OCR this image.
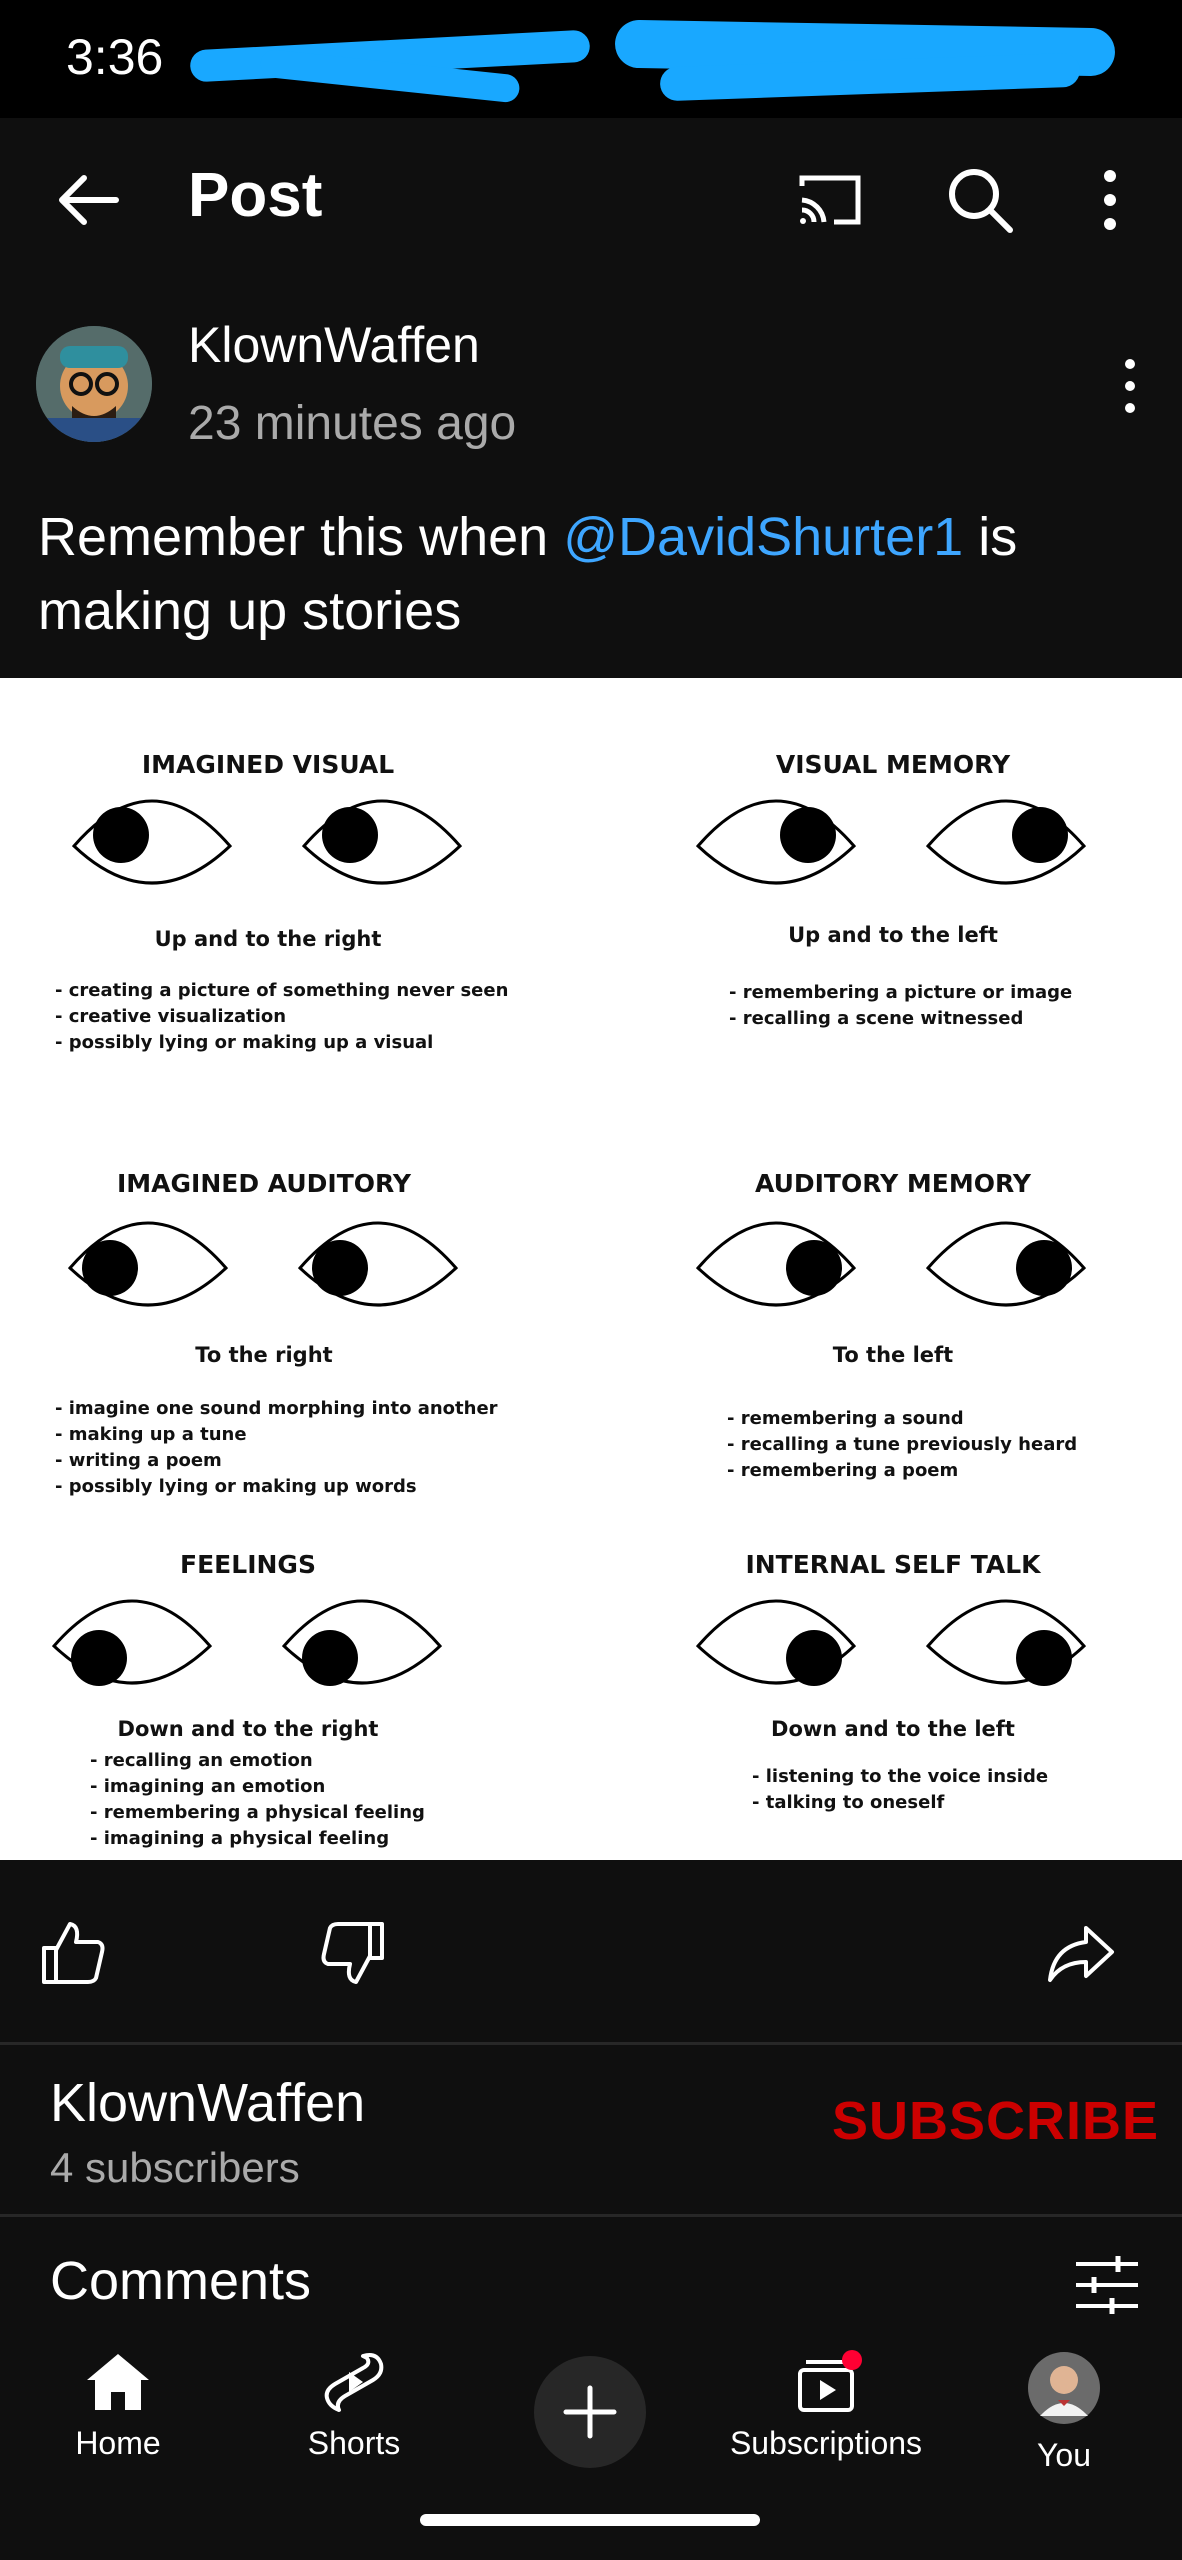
3:36
Post
KlownWaffen
23 minutes ago
Remember this when @DavidShurter1 is making up stories
IMAGINED VISUAL
Up and to the right
- creating a picture of something never seen
- creative visualization
- possibly lying or making up a visual
VISUAL MEMORY
Up and to the left
- remembering a picture or image
- recalling a scene witnessed
IMAGINED AUDITORY
To the right
- imagine one sound morphing into another
- making up a tune
- writing a poem
- possibly lying or making up words
AUDITORY MEMORY
To the left
- remembering a sound
- recalling a tune previously heard
- remembering a poem
FEELINGS
Down and to the right
- recalling an emotion
- imagining an emotion
- remembering a physical feeling
- imagining a physical feeling
INTERNAL SELF TALK
Down and to the left
- listening to the voice inside
- talking to oneself
KlownWaffen
4 subscribers
SUBSCRIBE
Comments
Home	Shorts	Subscriptions	You
